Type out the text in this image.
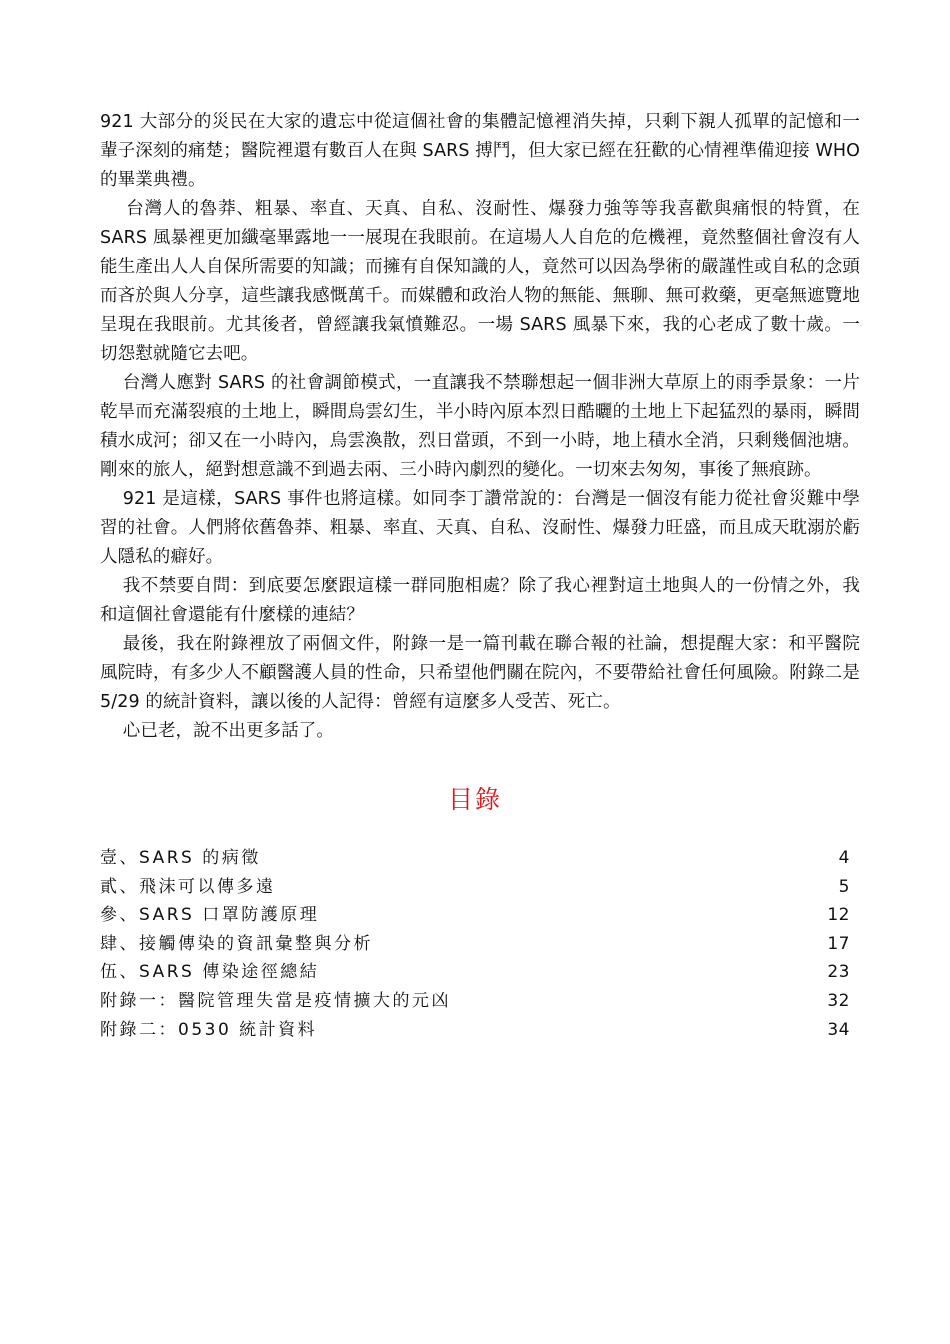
921 大部分的災民在大家的遺忘中從這個社會的集體記憶裡消失掉，只剩下親人孤單的記憶和一輩子深刻的痛楚；醫院裡還有數百人在與 SARS 搏鬥，但大家已經在狂歡的心情裡準備迎接 WHO 的畢業典禮。

台灣人的魯莽、粗暴、率直、天真、自私、沒耐性、爆發力強等等我喜歡與痛恨的特質，在 SARS 風暴裡更加纖毫畢露地一一展現在我眼前。在這場人人自危的危機裡，竟然整個社會沒有人能生產出人人自保所需要的知識；而擁有自保知識的人，竟然可以因為學術的嚴謹性或自私的念頭而吝於與人分享，這些讓我感慨萬千。而媒體和政治人物的無能、無聊、無可救藥，更毫無遮覽地呈現在我眼前。尤其後者，曾經讓我氣憤難忍。一場 SARS 風暴下來，我的心老成了數十歲。一切怨懟就隨它去吧。

台灣人應對 SARS 的社會調節模式，一直讓我不禁聯想起一個非洲大草原上的雨季景象：一片乾旱而充滿裂痕的土地上，瞬間烏雲幻生，半小時內原本烈日酷曬的土地上下起猛烈的暴雨，瞬間積水成河；卻又在一小時內，烏雲渙散，烈日當頭，不到一小時，地上積水全消，只剩幾個池塘。剛來的旅人，絕對想意識不到過去兩、三小時內劇烈的變化。一切來去匆匆，事後了無痕跡。

921 是這樣，SARS 事件也將這樣。如同李丁讚常說的：台灣是一個沒有能力從社會災難中學習的社會。人們將依舊魯莽、粗暴、率直、天真、自私、沒耐性、爆發力旺盛，而且成天耽溺於虧人隱私的癖好。

我不禁要自問：到底要怎麼跟這樣一群同胞相處？除了我心裡對這土地與人的一份情之外，我和這個社會還能有什麼樣的連結？

最後，我在附錄裡放了兩個文件，附錄一是一篇刊載在聯合報的社論，想提醒大家：和平醫院風院時，有多少人不顧醫護人員的性命，只希望他們關在院內，不要帶給社會任何風險。附錄二是 5/29 的統計資料，讓以後的人記得：曾經有這麼多人受苦、死亡。

心已老，說不出更多話了。

目錄
壹、SARS 的病徵	4
貳、飛沫可以傳多遠	5
參、SARS 口罩防護原理	12
肆、接觸傳染的資訊彙整與分析	17
伍、SARS 傳染途徑總結	23
附錄一：醫院管理失當是疫情擴大的元凶	32
附錄二：0530 統計資料	34
